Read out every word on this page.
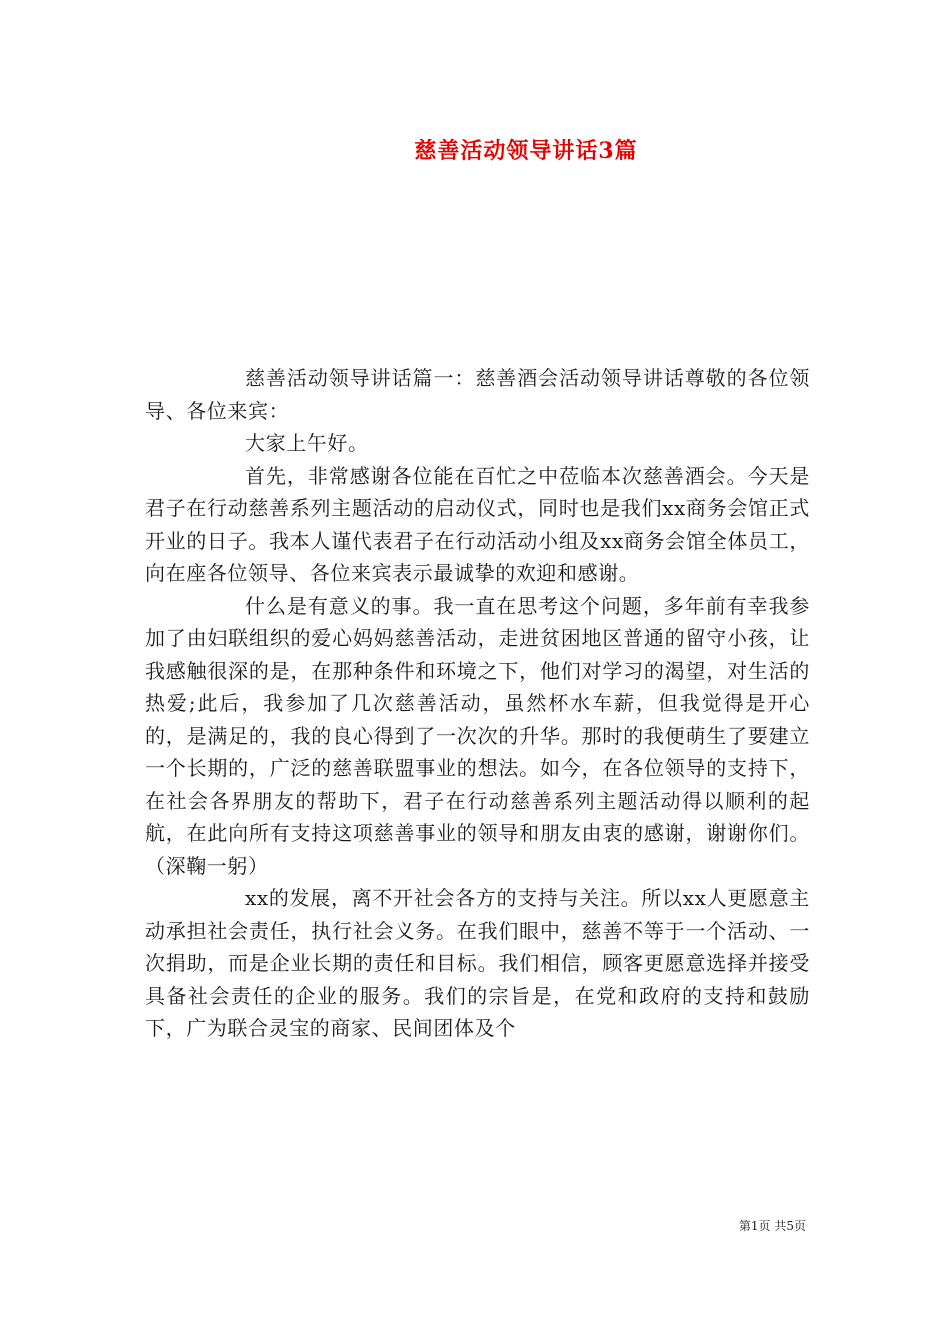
慈善活动领导讲话3篇

慈善活动领导讲话篇一：慈善酒会活动领导讲话尊敬的各位领导、各位来宾：

大家上午好。

首先，非常感谢各位能在百忙之中莅临本次慈善酒会。今天是君子在行动慈善系列主题活动的启动仪式，同时也是我们xx商务会馆正式开业的日子。我本人谨代表君子在行动活动小组及xx商务会馆全体员工，向在座各位领导、各位来宾表示最诚挚的欢迎和感谢。

什么是有意义的事。我一直在思考这个问题，多年前有幸我参加了由妇联组织的爱心妈妈慈善活动，走进贫困地区普通的留守小孩，让我感触很深的是，在那种条件和环境之下，他们对学习的渴望，对生活的热爱;此后，我参加了几次慈善活动，虽然杯水车薪，但我觉得是开心的，是满足的，我的良心得到了一次次的升华。那时的我便萌生了要建立一个长期的，广泛的慈善联盟事业的想法。如今，在各位领导的支持下，在社会各界朋友的帮助下，君子在行动慈善系列主题活动得以顺利的起航，在此向所有支持这项慈善事业的领导和朋友由衷的感谢，谢谢你们。（深鞠一躬）

xx的发展，离不开社会各方的支持与关注。所以xx人更愿意主动承担社会责任，执行社会义务。在我们眼中，慈善不等于一个活动、一次捐助，而是企业长期的责任和目标。我们相信，顾客更愿意选择并接受具备社会责任的企业的服务。我们的宗旨是，在党和政府的支持和鼓励下，广为联合灵宝的商家、民间团体及个

第1页 共5页
